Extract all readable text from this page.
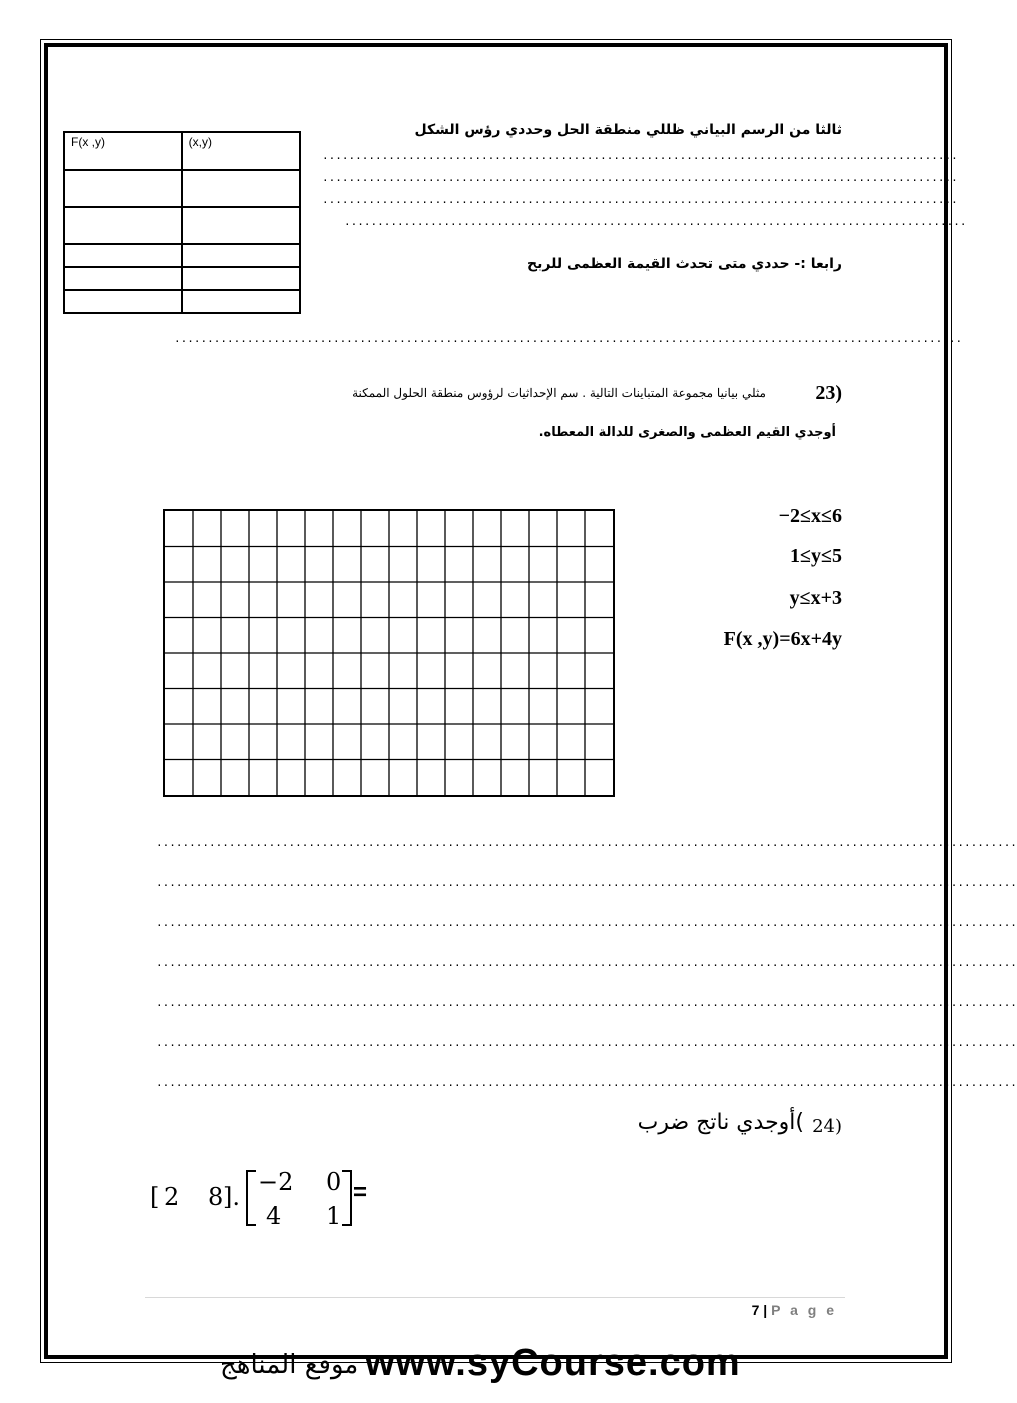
F(x ,y)	(x,y)

ثالثا من الرسم البياني ظللي منطقة الحل وحددي رؤس الشكل
................................................................................................
................................................................................................
................................................................................................
..............................................................................................
رابعا :- حددي متى تحدث القيمة العظمى للربح
.......................................................................................................................
23)
مثلي بيانيا مجموعة المتباينات التالية . سم الإحداثيات لرؤوس منطقة الحلول الممكنة
أوجدي القيم العظمى والصغرى للدالة المعطاه.
−2≤x≤6
1≤y≤5
y≤x+3
F(x ,y)=6x+4y
..................................................................................................................................
..................................................................................................................................
..................................................................................................................................
..................................................................................................................................
..................................................................................................................................
..................................................................................................................................
..................................................................................................................................
24)
)أوجدي ناتج ضرب
[ 2 8 ].
−2 0
4 1
=
7 | P a g e
www.syCourse.com
موقع المناهج
